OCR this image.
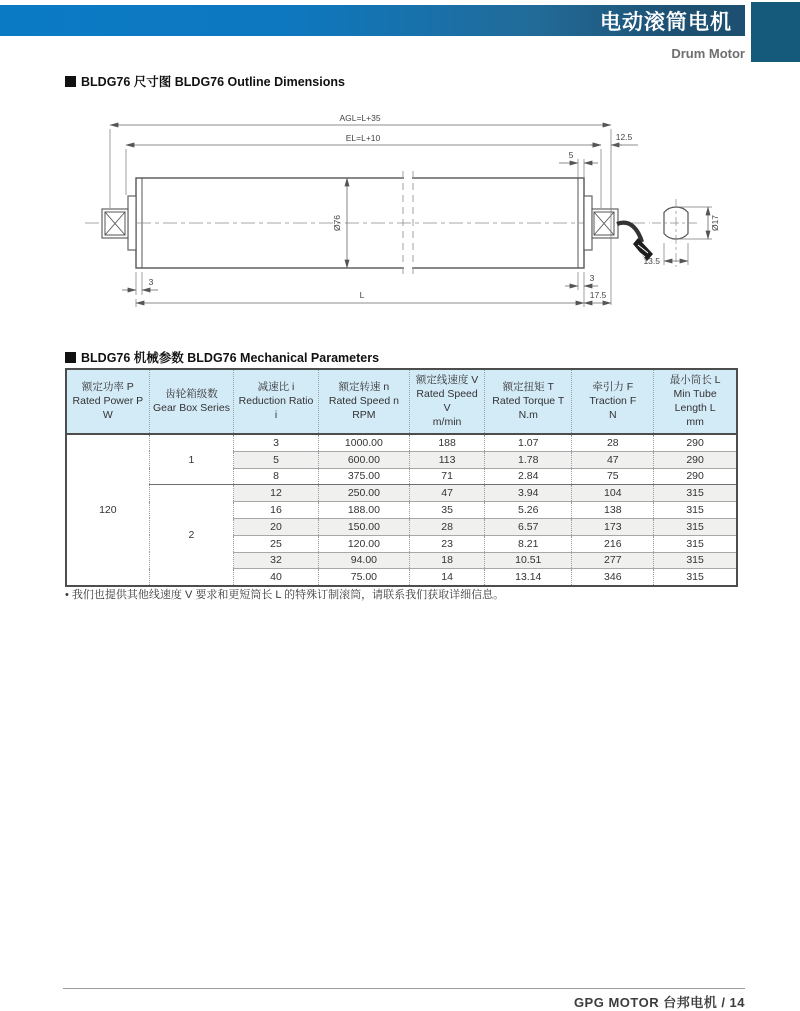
电动滚筒电机
Drum Motor
BLDG76 尺寸图 BLDG76 Outline Dimensions
Ø76
AGL=L+35
EL=L+10	12.5
5
3
L
3
17.5
Ø17
13.5
BLDG76 机械参数 BLDG76 Mechanical Parameters
额定功率 P
Rated Power P
W	齿轮箱级数
Gear Box Series	减速比 i
Reduction Ratio i	额定转速 n
Rated Speed n
RPM	额定线速度 V
Rated Speed V
m/min	额定扭矩 T
Rated Torque T
N.m	牵引力 F
Traction F
N	最小筒长 L
Min Tube Length L
mm
120	1	3	1000.00	188	1.07	28	290
		5	600.00	113	1.78	47	290
		8	375.00	71	2.84	75	290
	2	12	250.00	47	3.94	104	315
		16	188.00	35	5.26	138	315
		20	150.00	28	6.57	173	315
		25	120.00	23	8.21	216	315
		32	94.00	18	10.51	277	315
		40	75.00	14	13.14	346	315
• 我们也提供其他线速度 V 要求和更短筒长 L 的特殊订制滚筒，请联系我们获取详细信息。
GPG MOTOR 台邦电机 / 14
